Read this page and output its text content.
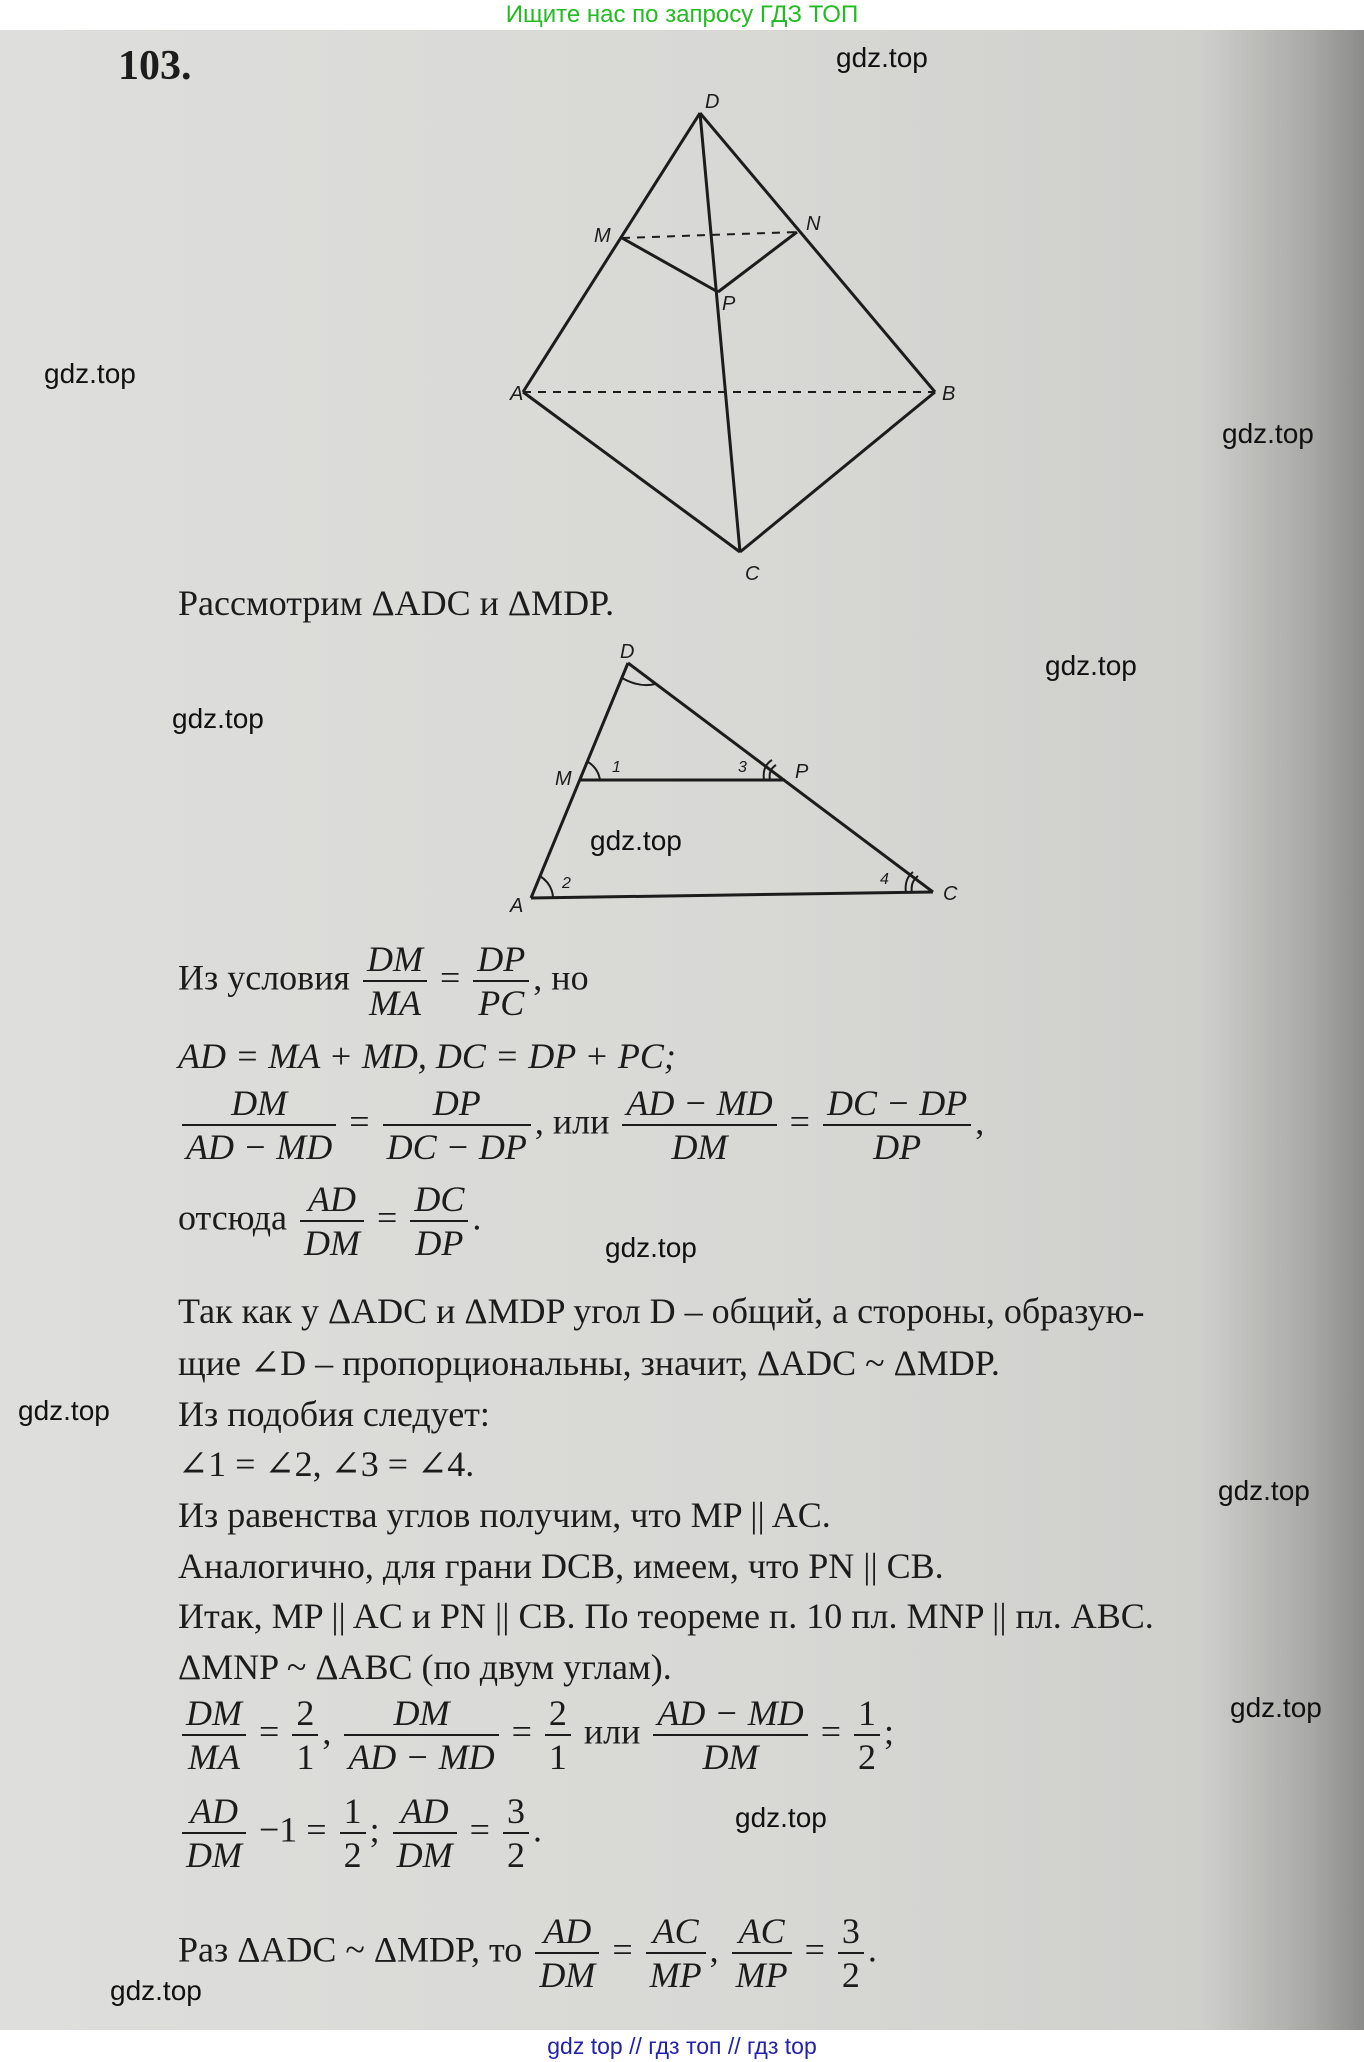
Ищите нас по запросу ГДЗ ТОП
103.
D
M
N
P
A	B
C
D
M	P
A
C
1
2
3
4
Рассмотрим ΔADC и ΔMDP.
Из условия $\frac{DM}{MA} = \frac{DP}{PC}$ , но
AD = MA + MD, DC = DP + PC;
$\frac{DM}{AD - MD} = \frac{DP}{DC - DP}$ , или $\frac{AD - MD}{DM} = \frac{DC - DP}{DP}$ ,
отсюда $\frac{AD}{DM} = \frac{DC}{DP}$ .
Так как у ΔADC и ΔMDP угол D – общий, а стороны, образую-
щие ∠D – пропорциональны, значит, ΔADC ~ ΔMDP.
Из подобия следует:
∠1 = ∠2, ∠3 = ∠4.
Из равенства углов получим, что MP || AC.
Аналогично, для грани DCB, имеем, что PN || CB.
Итак, MP || AC и PN || CB. По теореме п. 10 пл. MNP || пл. ABC.
ΔMNP ~ ΔABC (по двум углам).
$\frac{DM}{MA} = \frac{2}{1}$ , $\frac{DM}{AD - MD} = \frac{2}{1}$ или $\frac{AD - MD}{DM} = \frac{1}{2}$ ;
$\frac{AD}{DM} -1 = \frac{1}{2}$ ; $\frac{AD}{DM} = \frac{3}{2}$ .
Раз ΔADC ~ ΔMDP, то $\frac{AD}{DM} = \frac{AC}{MP}$ , $\frac{AC}{MP} = \frac{3}{2}$ .
gdz.top
gdz.top
gdz.top
gdz.top
gdz.top
gdz.top
gdz.top
gdz.top
gdz.top
gdz.top
gdz.top
gdz.top
gdz top // гдз топ // гдз top
